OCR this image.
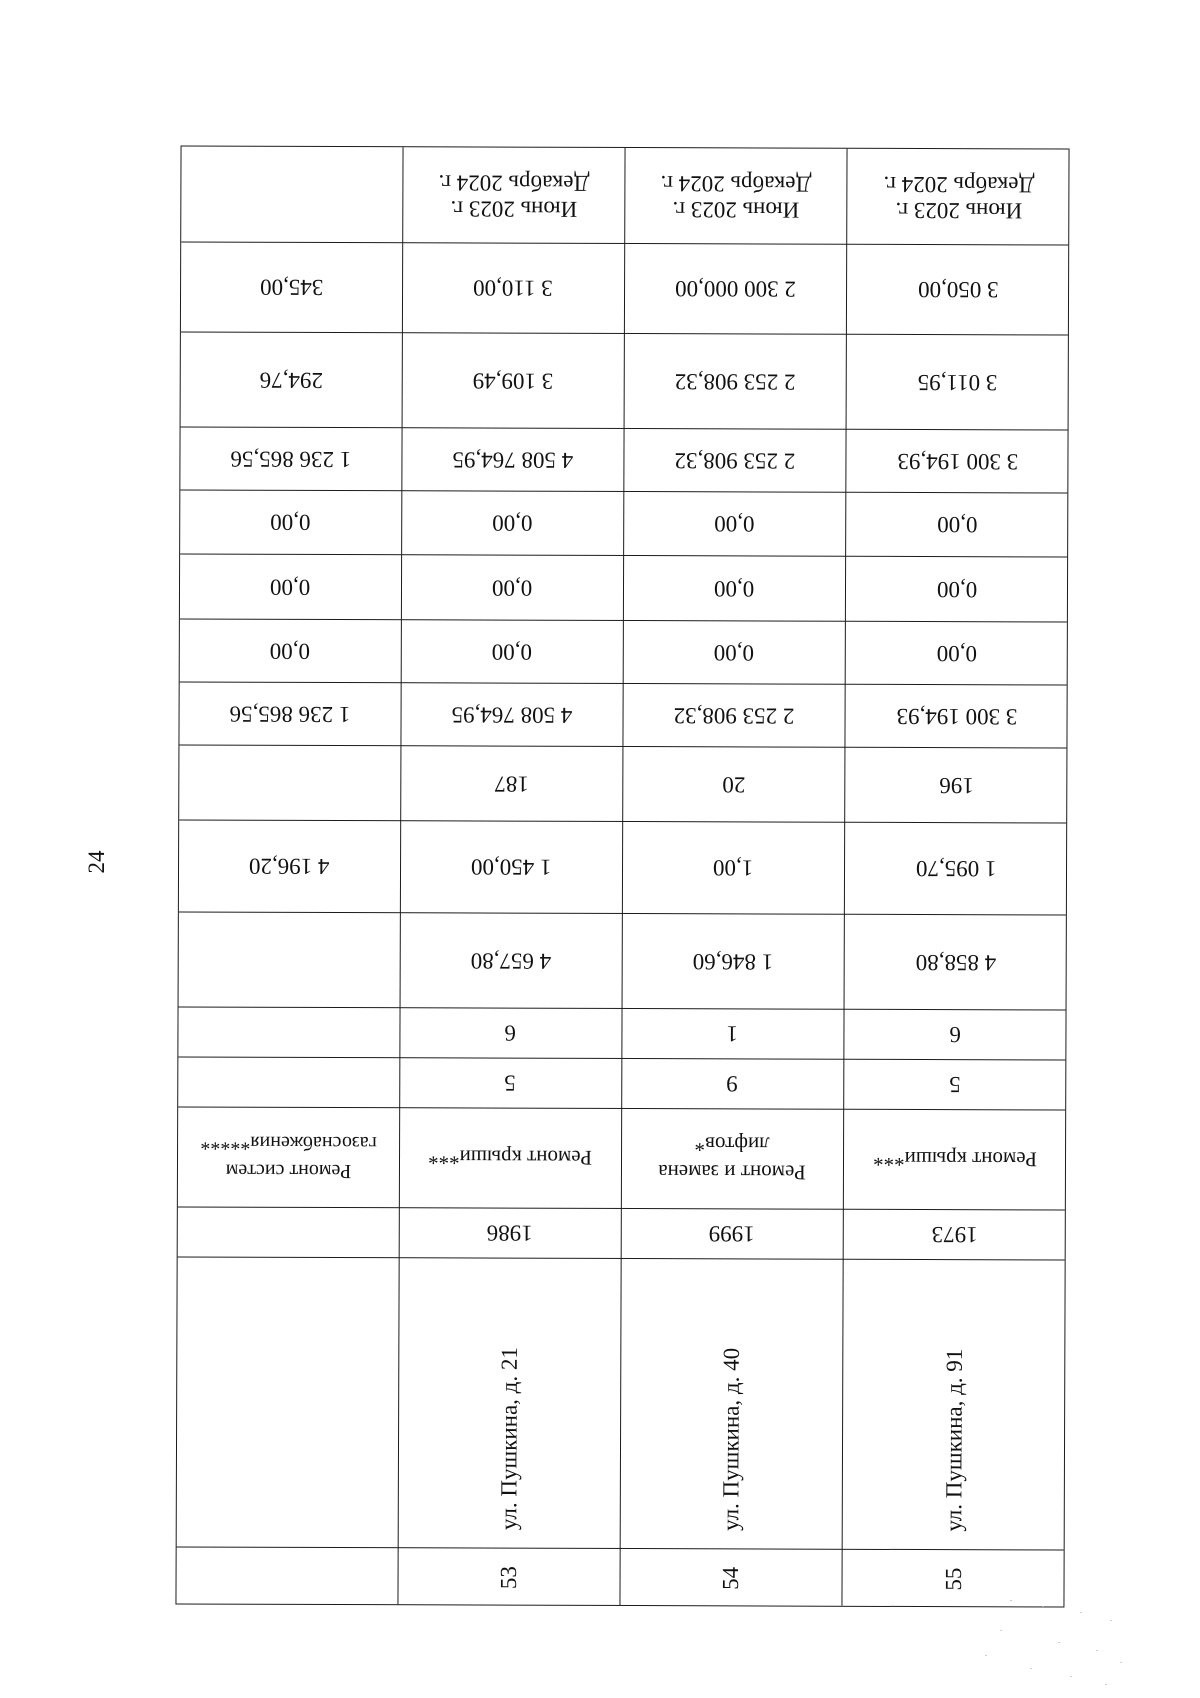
24
Июнь 2023 г.
Декабрь 2024 г.
3 050,00
3 011,95
3 300 194,93
0,00
0,00
0,00
3 300 194,93
196
1 095,70
4 858,80
6
5
Ремонт крыши***
1973
ул. Пушкина, д. 91
55
Июнь 2023 г.
Декабрь 2024 г.
2 300 000,00
2 253 908,32
2 253 908,32
0,00
0,00
0,00
2 253 908,32
20
1,00
1 846,60
1
9
Ремонт и замена лифтов*
1999
ул. Пушкина, д. 40
54
Июнь 2023 г.
Декабрь 2024 г.
3 110,00
3 109,49
4 508 764,95
0,00
0,00
0,00
4 508 764,95
187
1 450,00
4 657,80
6
5
Ремонт крыши***
1986
ул. Пушкина, д. 21
53
345,00
294,76
1 236 865,56
0,00
0,00
0,00
1 236 865,56
4 196,20
Ремонт систем газоснабжения*****
